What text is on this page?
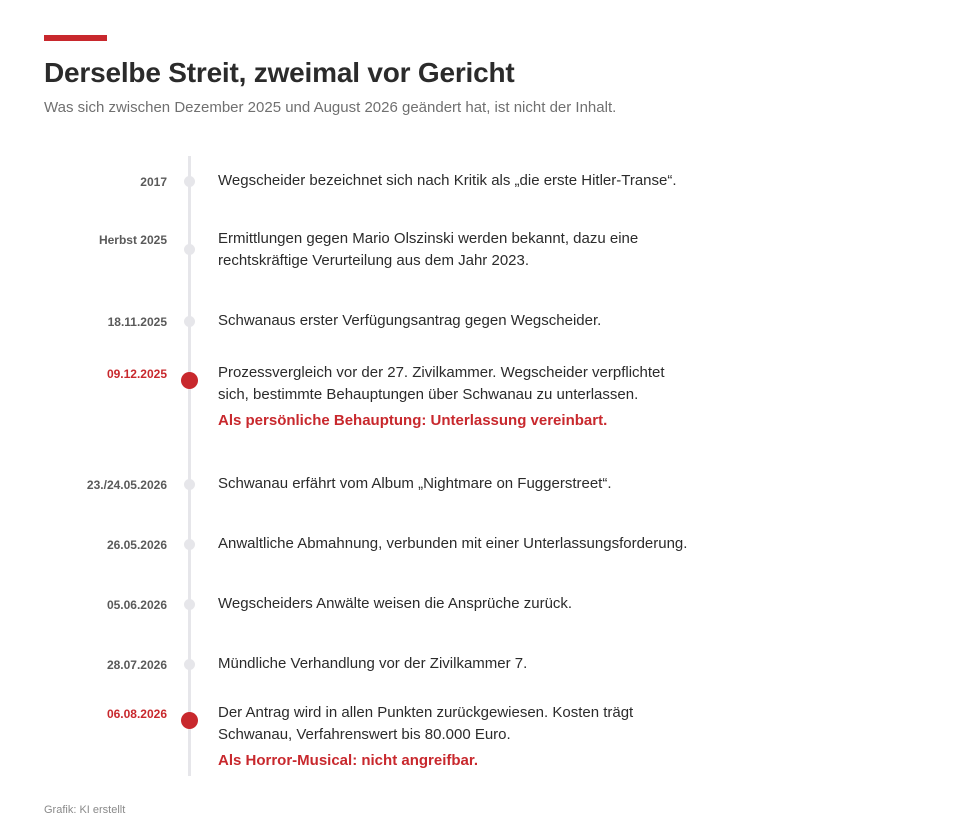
Derselbe Streit, zweimal vor Gericht
Was sich zwischen Dezember 2025 und August 2026 geändert hat, ist nicht der Inhalt.
2017	Wegscheider bezeichnet sich nach Kritik als „die erste Hitler-Transe“.
Herbst 2025	Ermittlungen gegen Mario Olszinski werden bekannt, dazu eine rechtskräftige Verurteilung aus dem Jahr 2023.
18.11.2025	Schwanaus erster Verfügungsantrag gegen Wegscheider.
09.12.2025	Prozessvergleich vor der 27. Zivilkammer. Wegscheider verpflichtet sich, bestimmte Behauptungen über Schwanau zu unterlassen.
Als persönliche Behauptung: Unterlassung vereinbart.
23./24.05.2026	Schwanau erfährt vom Album „Nightmare on Fuggerstreet“.
26.05.2026	Anwaltliche Abmahnung, verbunden mit einer Unterlassungsforderung.
05.06.2026	Wegscheiders Anwälte weisen die Ansprüche zurück.
28.07.2026	Mündliche Verhandlung vor der Zivilkammer 7.
06.08.2026	Der Antrag wird in allen Punkten zurückgewiesen. Kosten trägt Schwanau, Verfahrenswert bis 80.000 Euro.
Als Horror-Musical: nicht angreifbar.
Grafik: KI erstellt
